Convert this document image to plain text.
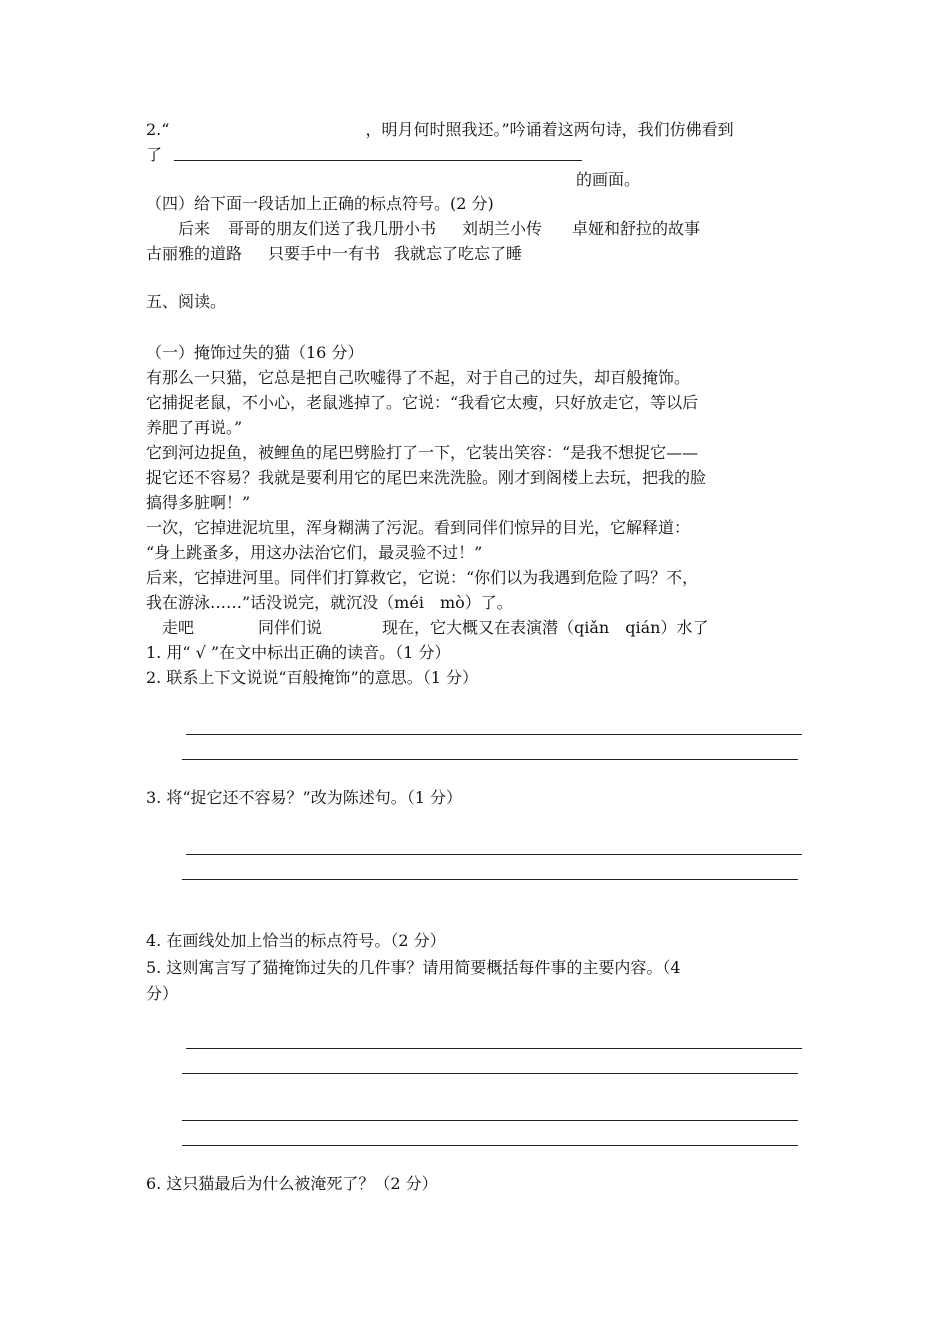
2.“	，明月何时照我还。”吟诵着这两句诗，我们仿佛看到
了
的画面。
（四）给下面一段话加上正确的标点符号。(2 分)
后来 哥哥的朋友们送了我几册小书 刘胡兰小传 卓娅和舒拉的故事
古丽雅的道路 只要手中一有书 我就忘了吃忘了睡
五、阅读。
（一）掩饰过失的猫（16 分）
有那么一只猫，它总是把自己吹嘘得了不起，对于自己的过失，却百般掩饰。
它捕捉老鼠，不小心，老鼠逃掉了。它说：“我看它太瘦，只好放走它，等以后
养肥了再说。”
它到河边捉鱼，被鲤鱼的尾巴劈脸打了一下，它装出笑容：“是我不想捉它——
捉它还不容易？我就是要利用它的尾巴来洗洗脸。刚才到阁楼上去玩，把我的脸
搞得多脏啊！”
一次，它掉进泥坑里，浑身糊满了污泥。看到同伴们惊异的目光，它解释道：
“身上跳蚤多，用这办法治它们，最灵验不过！”
后来，它掉进河里。同伴们打算救它，它说：“你们以为我遇到危险了吗？不，
我在游泳……”话没说完，就沉没（méi　mò）了。
走吧	同伴们说	现在，它大概又在表演潜（qiǎn　qián）水了
1. 用“ √ ”在文中标出正确的读音。（1 分）
2. 联系上下文说说“百般掩饰”的意思。（1 分）
3. 将“捉它还不容易？”改为陈述句。（1 分）
4. 在画线处加上恰当的标点符号。（2 分）
5. 这则寓言写了猫掩饰过失的几件事？请用简要概括每件事的主要内容。（4
分）
6. 这只猫最后为什么被淹死了？（2 分）
